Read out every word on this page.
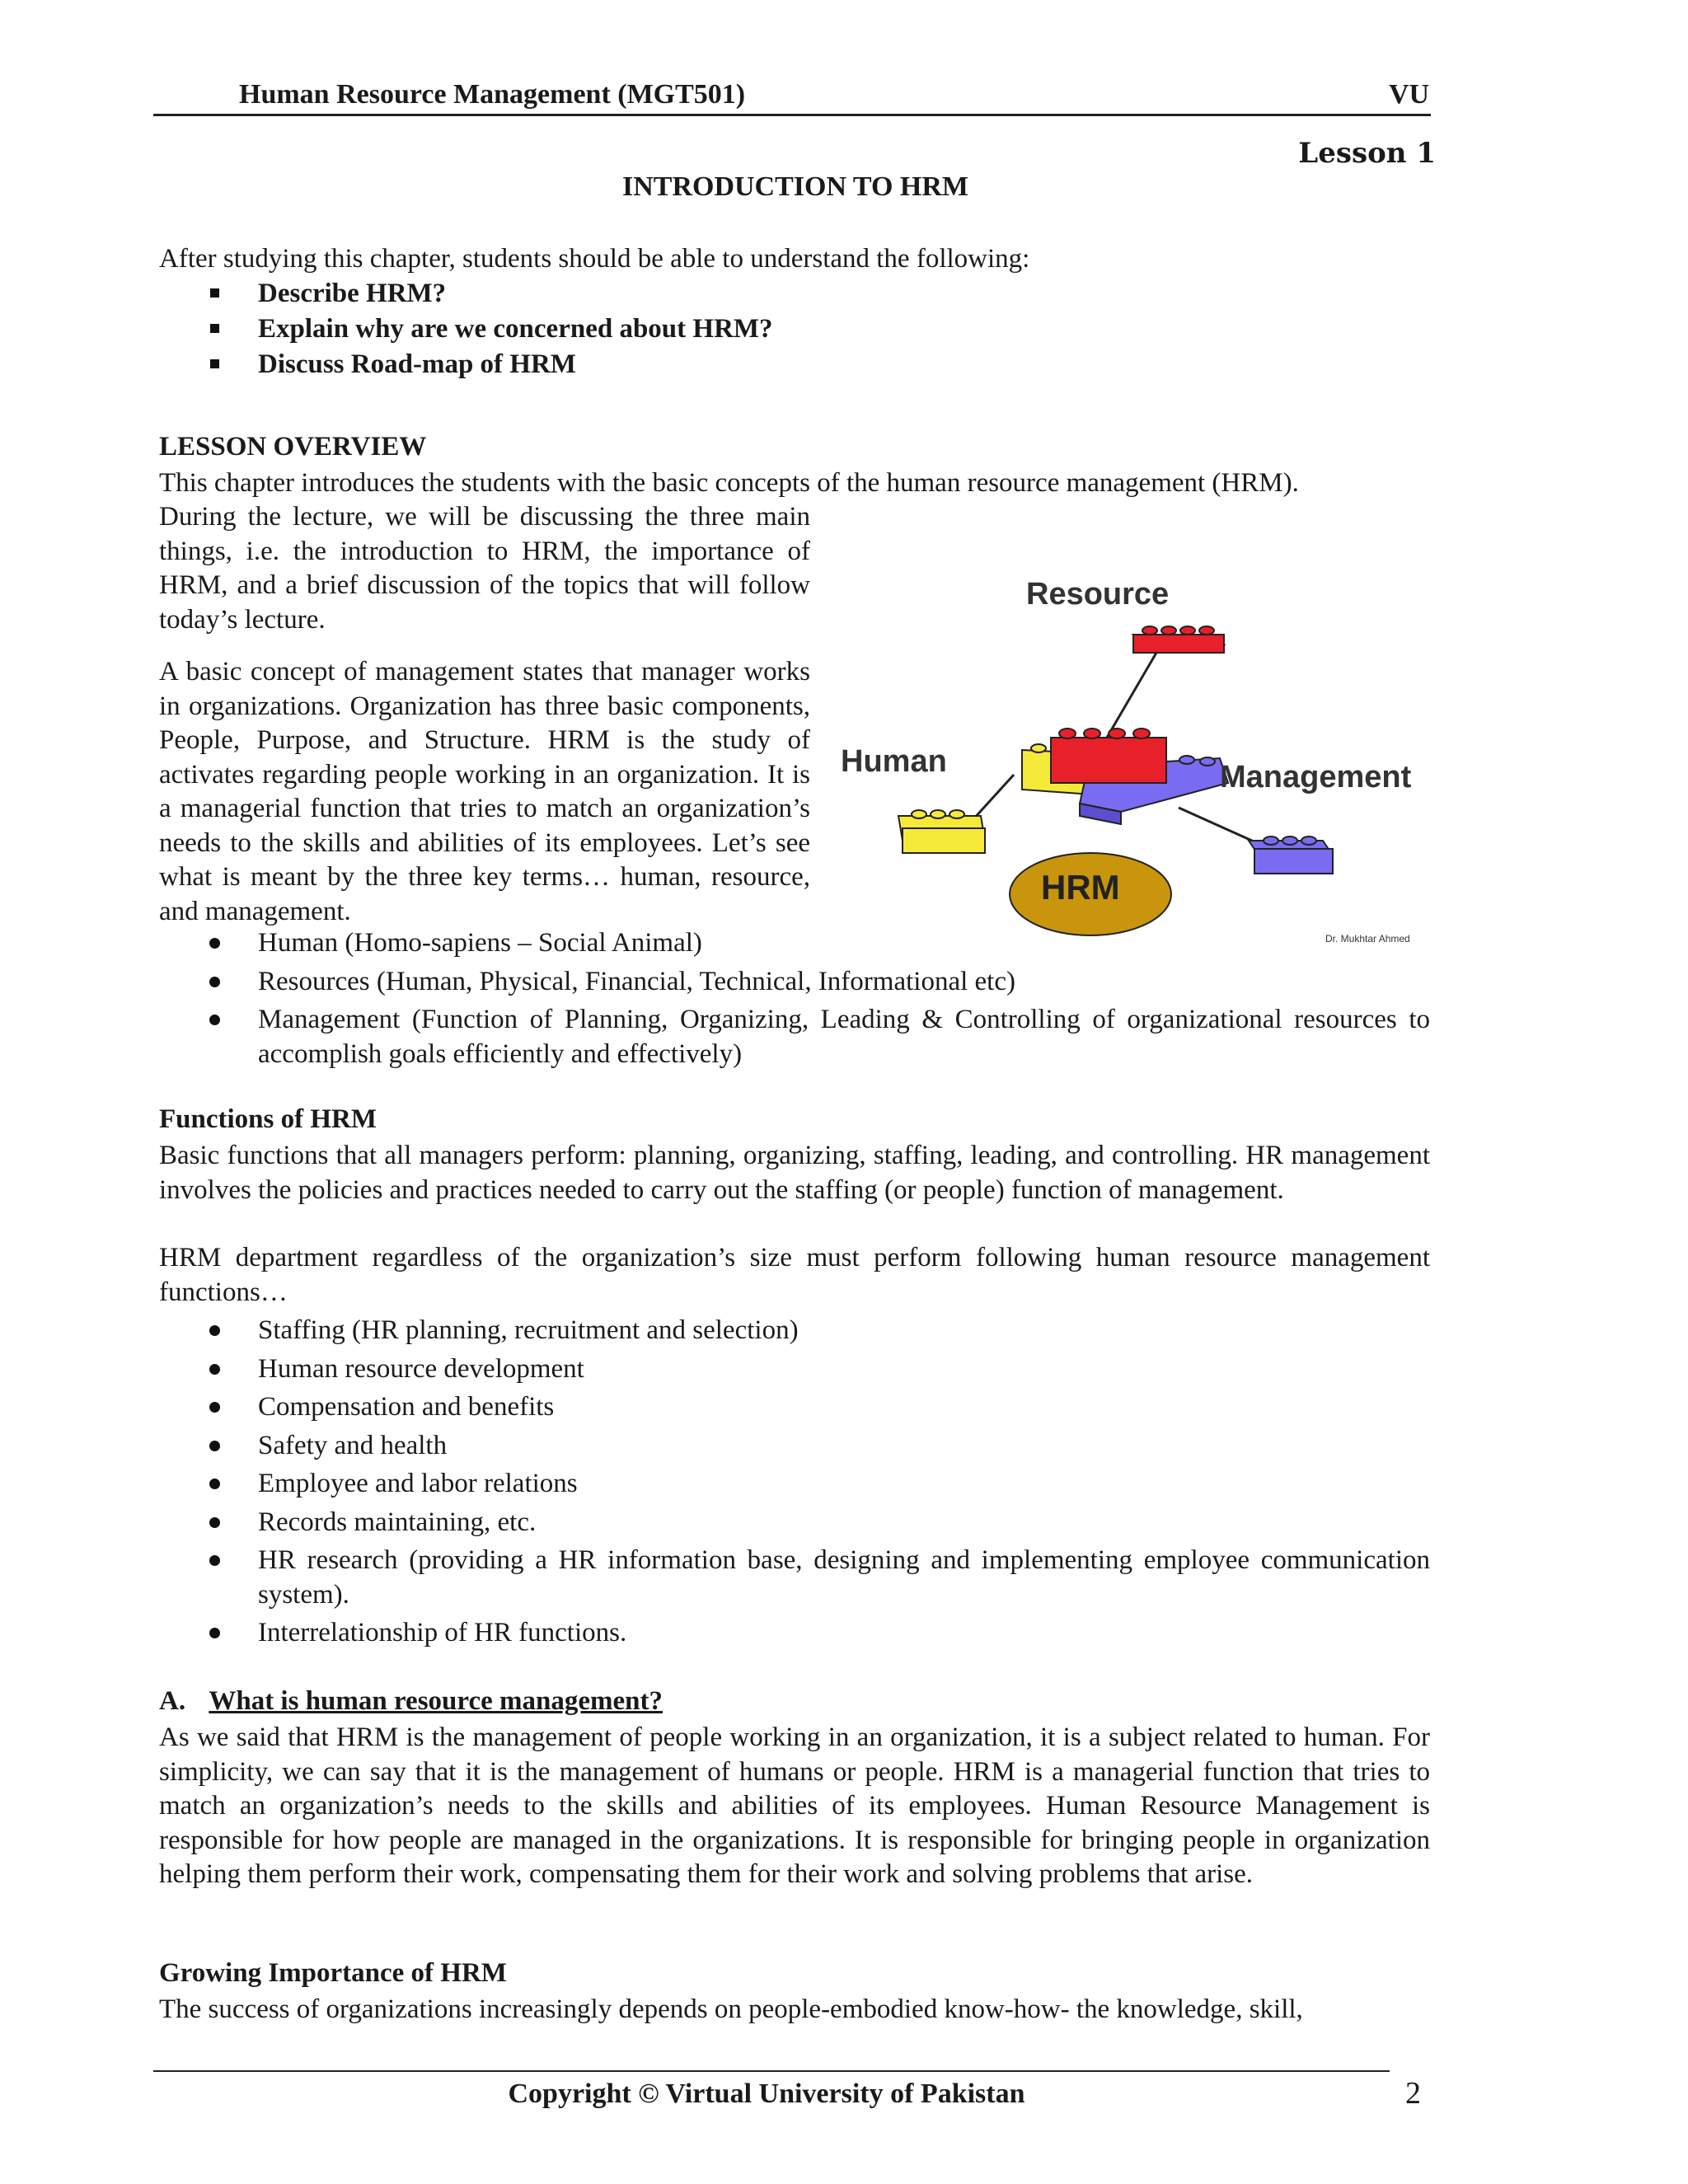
Human Resource Management (MGT501)	VU
Lesson 1
INTRODUCTION TO HRM

After studying this chapter, students should be able to understand the following:

Describe HRM?
Explain why are we concerned about HRM?
Discuss Road-map of HRM

LESSON OVERVIEW

This chapter introduces the students with the basic concepts of the human resource management (HRM).

During the lecture, we will be discussing the three main things, i.e. the introduction to HRM, the importance of HRM, and a brief discussion of the topics that will follow today’s lecture.

A basic concept of management states that manager works in organizations. Organization has three basic components, People, Purpose, and Structure. HRM is the study of activates regarding people working in an organization. It is a managerial function that tries to match an organization’s needs to the skills and abilities of its employees. Let’s see what is meant by the three key terms… human, resource, and management.

Resource
Human	Management
HRM
Dr. Mukhtar Ahmed
Human (Homo-sapiens – Social Animal)
Resources (Human, Physical, Financial, Technical, Informational etc)
Management (Function of Planning, Organizing, Leading & Controlling of organizational resources to accomplish goals efficiently and effectively)

Functions of HRM

Basic functions that all managers perform: planning, organizing, staffing, leading, and controlling. HR management involves the policies and practices needed to carry out the staffing (or people) function of management.

HRM department regardless of the organization’s size must perform following human resource management functions…

Staffing (HR planning, recruitment and selection)
Human resource development
Compensation and benefits
Safety and health
Employee and labor relations
Records maintaining, etc.
HR research (providing a HR information base, designing and implementing employee communication system).
Interrelationship of HR functions.

A. What is human resource management?

As we said that HRM is the management of people working in an organization, it is a subject related to human. For simplicity, we can say that it is the management of humans or people. HRM is a managerial function that tries to match an organization’s needs to the skills and abilities of its employees. Human Resource Management is responsible for how people are managed in the organizations. It is responsible for bringing people in organization helping them perform their work, compensating them for their work and solving problems that arise.

Growing Importance of HRM

The success of organizations increasingly depends on people-embodied know-how- the knowledge, skill,

Copyright © Virtual University of Pakistan	2
